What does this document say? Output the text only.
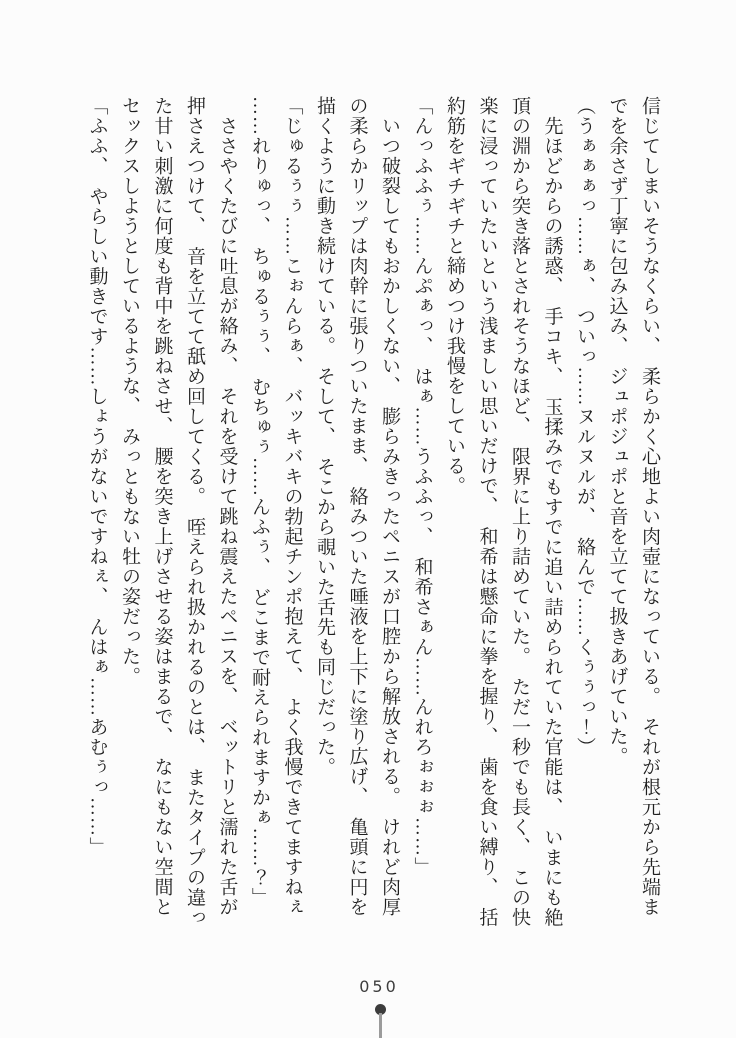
信じてしまいそうなくらい、　柔らかく心地よい肉壺になっている。　それが根元から先端ま
でを余さず丁寧に包み込み、　ジュポジュポと音を立てて扱きあげていた。
（うぁぁぁっ……ぁ、　ついっ……ヌルヌルが、　絡んで……くぅぅっ！）
　先ほどからの誘惑、　手コキ、　玉揉みでもすでに追い詰められていた官能は、　いまにも絶
頂の淵から突き落とされそうなほど、　限界に上り詰めていた。　ただ一秒でも長く、　この快
楽に浸っていたいという浅ましい思いだけで、　和希は懸命に拳を握り、　歯を食い縛り、　括
約筋をギチギチと締めつけ我慢をしている。
「んっふふぅ……んぷぁっ、　はぁ……うふふっ、　和希さぁん……んれろぉぉぉ……」
　いつ破裂してもおかしくない、　膨らみきったペニスが口腔から解放される。　けれど肉厚
の柔らかリップは肉幹に張りついたまま、　絡みついた唾液を上下に塗り広げ、　亀頭に円を
描くように動き続けている。　そして、　そこから覗いた舌先も同じだった。
「じゅるぅぅ……こぉんらぁ、　バッキバキの勃起チンポ抱えて、　よく我慢できてますねぇ
……れりゅっ、　ちゅるぅぅ、　むちゅぅ……んふぅ、　どこまで耐えられますかぁ……？」
　ささやくたびに吐息が絡み、　それを受けて跳ね震えたペニスを、　ベットリと濡れた舌が
押さえつけて、　音を立てて舐め回してくる。　咥えられ扱かれるのとは、　またタイプの違っ
た甘い刺激に何度も背中を跳ねさせ、　腰を突き上げさせる姿はまるで、　なにもない空間と
セックスしようとしているような、　みっともない牡の姿だった。
「ふふ、　やらしい動きです……しょうがないですねぇ、　んはぁ……あむぅっ……」
050
